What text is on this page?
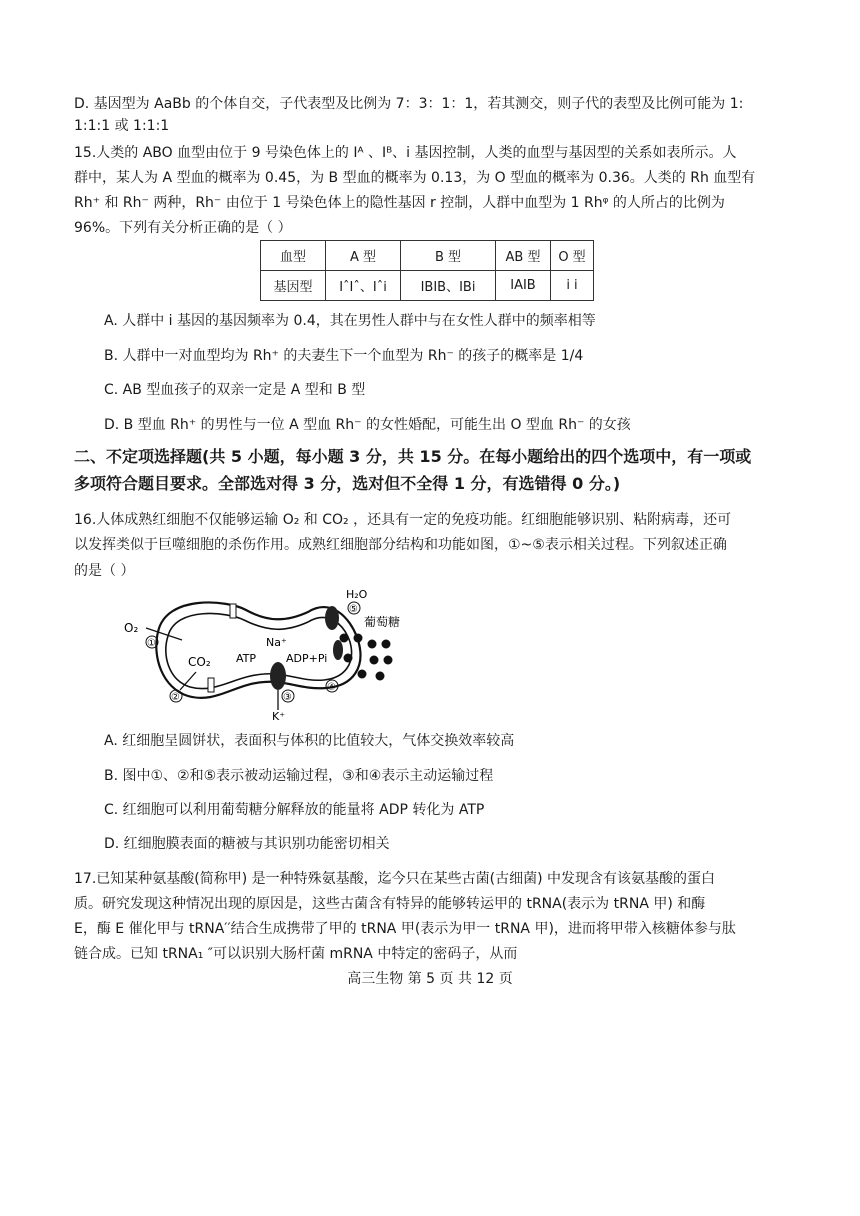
D. 基因型为 AaBb 的个体自交，子代表型及比例为 7：3：1：1，若其测交，则子代的表型及比例可能为 1:
1:1:1 或 1:1:1
15.人类的 ABO 血型由位于 9 号染色体上的 Iᴬ 、Iᴮ、i 基因控制，人类的血型与基因型的关系如表所示。人
群中，某人为 A 型血的概率为 0.45，为 B 型血的概率为 0.13，为 O 型血的概率为 0.36。人类的 Rh 血型有
Rh⁺ 和 Rh⁻ 两种，Rh⁻ 由位于 1 号染色体上的隐性基因 r 控制，人群中血型为 1 Rhᵠ 的人所占的比例为
96%。下列有关分析正确的是（ ）
血型	A 型	B 型	AB 型	O 型
基因型	IˆIˆ、Iˆi	IBIB、IBi	IAIB	i i
A. 人群中 i 基因的基因频率为 0.4，其在男性人群中与在女性人群中的频率相等
B. 人群中一对血型均为 Rh⁺ 的夫妻生下一个血型为 Rh⁻ 的孩子的概率是 1/4
C. AB 型血孩子的双亲一定是 A 型和 B 型
D. B 型血 Rh⁺ 的男性与一位 A 型血 Rh⁻ 的女性婚配，可能生出 O 型血 Rh⁻ 的女孩
二、不定项选择题(共 5 小题，每小题 3 分，共 15 分。在每小题给出的四个选项中，有一项或
多项符合题目要求。全部选对得 3 分，选对但不全得 1 分，有选错得 0 分。)
16.人体成熟红细胞不仅能够运输 O₂ 和 CO₂ ，还具有一定的免疫功能。红细胞能够识别、粘附病毒，还可
以发挥类似于巨噬细胞的杀伤作用。成熟红细胞部分结构和功能如图，①~⑤表示相关过程。下列叙述正确
的是（ ）
O₂
①
CO₂
②
H₂O
⑤
葡萄糖
④
Na⁺
ATP	ADP+Pi
③
K⁺
A. 红细胞呈圆饼状，表面积与体积的比值较大，气体交换效率较高
B. 图中①、②和⑤表示被动运输过程，③和④表示主动运输过程
C. 红细胞可以利用葡萄糖分解释放的能量将 ADP 转化为 ATP
D. 红细胞膜表面的糖被与其识别功能密切相关
17.已知某种氨基酸(简称甲) 是一种特殊氨基酸，迄今只在某些古菌(古细菌) 中发现含有该氨基酸的蛋白
质。研究发现这种情况出现的原因是，这些古菌含有特异的能够转运甲的 tRNA(表示为 tRNA 甲) 和酶
E，酶 E 催化甲与 tRNA′′结合生成携带了甲的 tRNA 甲(表示为甲一 tRNA 甲)，进而将甲带入核糖体参与肽
链合成。已知 tRNA₁ ″可以识别大肠杆菌 mRNA 中特定的密码子，从而
高三生物 第 5 页 共 12 页
